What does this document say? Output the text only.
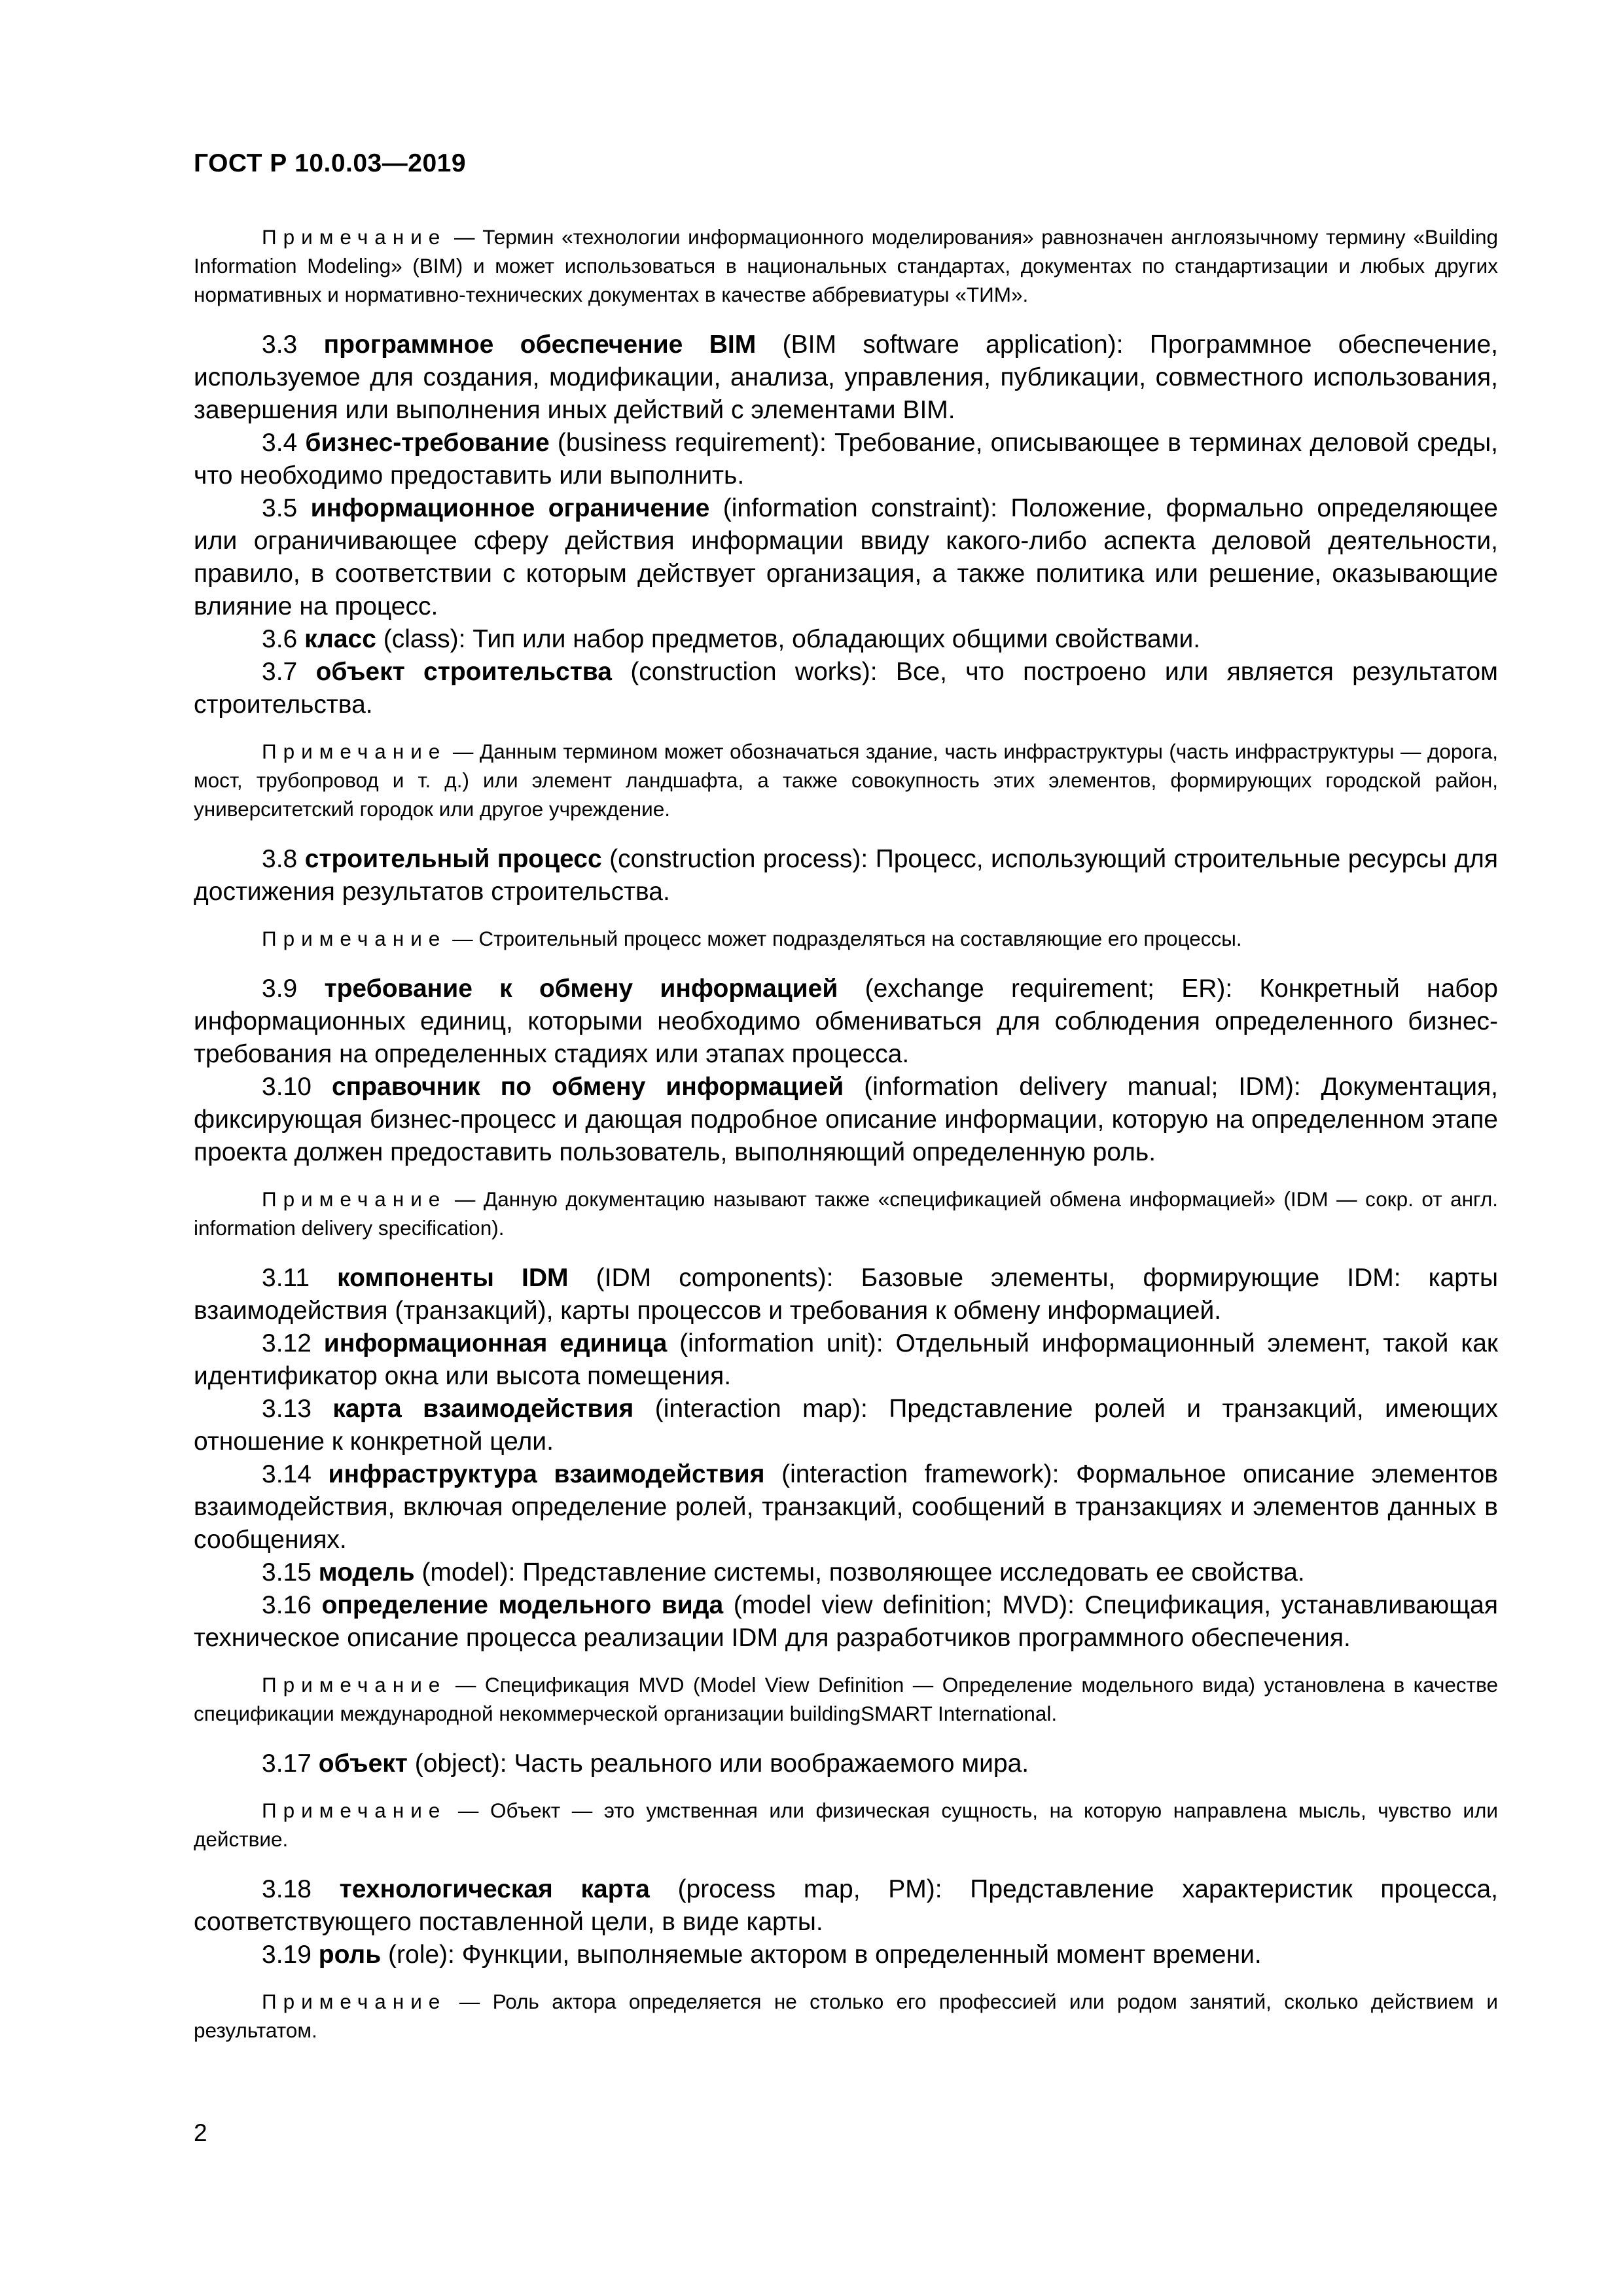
ГОСТ Р 10.0.03—2019

Примечание — Термин «технологии информационного моделирования» равнозначен англоязычному термину «Building Information Modeling» (BIM) и может использоваться в национальных стандартах, документах по стандартизации и любых других нормативных и нормативно-технических документах в качестве аббревиатуры «ТИМ».

3.3 программное обеспечение BIM (BIM software application): Программное обеспечение, используемое для создания, модификации, анализа, управления, публикации, совместного использования, завершения или выполнения иных действий с элементами BIM.

3.4 бизнес-требование (business requirement): Требование, описывающее в терминах деловой среды, что необходимо предоставить или выполнить.

3.5 информационное ограничение (information constraint): Положение, формально определяющее или ограничивающее сферу действия информации ввиду какого-либо аспекта деловой деятельности, правило, в соответствии с которым действует организация, а также политика или решение, оказывающие влияние на процесс.

3.6 класс (class): Тип или набор предметов, обладающих общими свойствами.

3.7 объект строительства (construction works): Все, что построено или является результатом строительства.

Примечание — Данным термином может обозначаться здание, часть инфраструктуры (часть инфраструктуры — дорога, мост, трубопровод и т. д.) или элемент ландшафта, а также совокупность этих элементов, формирующих городской район, университетский городок или другое учреждение.

3.8 строительный процесс (construction process): Процесс, использующий строительные ресурсы для достижения результатов строительства.

Примечание — Строительный процесс может подразделяться на составляющие его процессы.

3.9 требование к обмену информацией (exchange requirement; ER): Конкретный набор информационных единиц, которыми необходимо обмениваться для соблюдения определенного бизнес-требования на определенных стадиях или этапах процесса.

3.10 справочник по обмену информацией (information delivery manual; IDM): Документация, фиксирующая бизнес-процесс и дающая подробное описание информации, которую на определенном этапе проекта должен предоставить пользователь, выполняющий определенную роль.

Примечание — Данную документацию называют также «спецификацией обмена информацией» (IDM — сокр. от англ. information delivery specification).

3.11 компоненты IDM (IDM components): Базовые элементы, формирующие IDM: карты взаимодействия (транзакций), карты процессов и требования к обмену информацией.

3.12 информационная единица (information unit): Отдельный информационный элемент, такой как идентификатор окна или высота помещения.

3.13 карта взаимодействия (interaction map): Представление ролей и транзакций, имеющих отношение к конкретной цели.

3.14 инфраструктура взаимодействия (interaction framework): Формальное описание элементов взаимодействия, включая определение ролей, транзакций, сообщений в транзакциях и элементов данных в сообщениях.

3.15 модель (model): Представление системы, позволяющее исследовать ее свойства.

3.16 определение модельного вида (model view definition; MVD): Спецификация, устанавливающая техническое описание процесса реализации IDM для разработчиков программного обеспечения.

Примечание — Спецификация MVD (Model View Definition — Определение модельного вида) установлена в качестве спецификации международной некоммерческой организации buildingSMART International.

3.17 объект (object): Часть реального или воображаемого мира.

Примечание — Объект — это умственная или физическая сущность, на которую направлена мысль, чувство или действие.

3.18 технологическая карта (process map, PM): Представление характеристик процесса, соответствующего поставленной цели, в виде карты.

3.19 роль (role): Функции, выполняемые актором в определенный момент времени.

Примечание — Роль актора определяется не столько его профессией или родом занятий, сколько действием и результатом.

2
